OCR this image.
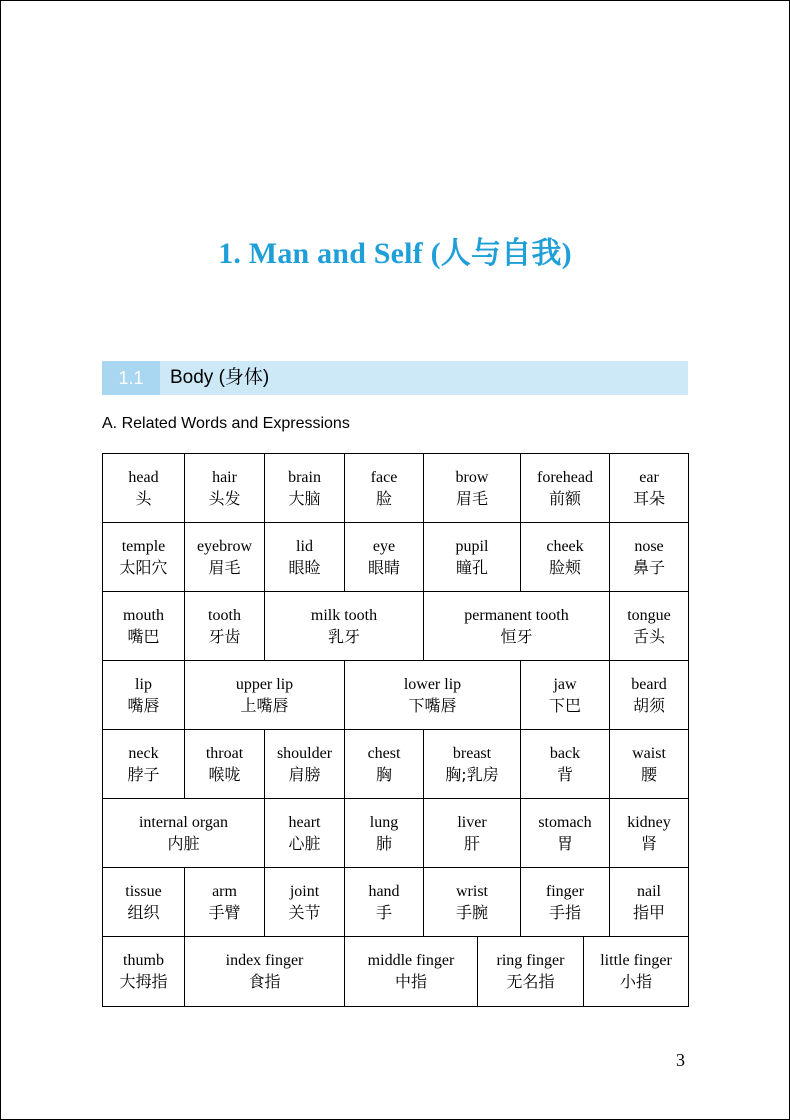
1. Man and Self (人与自我)
1.1	Body (身体)
A. Related Words and Expressions
head
头
hair
头发
brain
大脑
face
脸
brow
眉毛
forehead
前额
ear
耳朵
temple
太阳穴
eyebrow
眉毛
lid
眼睑
eye
眼睛
pupil
瞳孔
cheek
脸颊
nose
鼻子
mouth
嘴巴
tooth
牙齿
milk tooth
乳牙
permanent tooth
恒牙
tongue
舌头
lip
嘴唇
upper lip
上嘴唇
lower lip
下嘴唇
jaw
下巴
beard
胡须
neck
脖子
throat
喉咙
shoulder
肩膀
chest
胸
breast
胸;乳房
back
背
waist
腰
internal organ
内脏
heart
心脏
lung
肺
liver
肝
stomach
胃
kidney
肾
tissue
组织
arm
手臂
joint
关节
hand
手
wrist
手腕
finger
手指
nail
指甲
thumb
大拇指
index finger
食指
middle finger
中指
ring finger
无名指
little finger
小指
3
